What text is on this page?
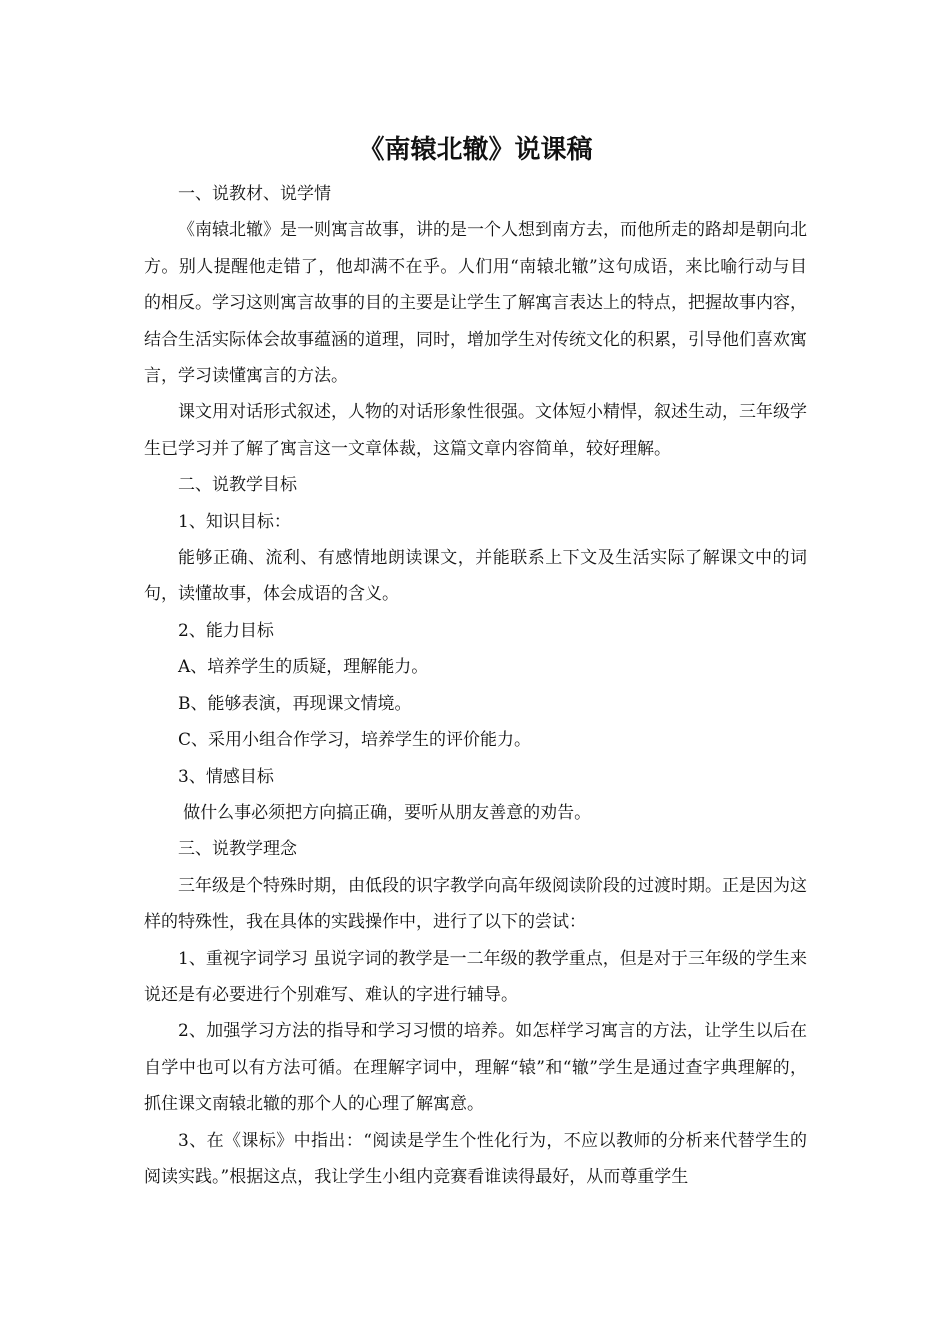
《南辕北辙》说课稿

一、说教材、说学情

《南辕北辙》是一则寓言故事，讲的是一个人想到南方去，而他所走的路却是朝向北方。别人提醒他走错了，他却满不在乎。人们用“南辕北辙”这句成语，来比喻行动与目的相反。学习这则寓言故事的目的主要是让学生了解寓言表达上的特点，把握故事内容，结合生活实际体会故事蕴涵的道理，同时，增加学生对传统文化的积累，引导他们喜欢寓言，学习读懂寓言的方法。

课文用对话形式叙述，人物的对话形象性很强。文体短小精悍，叙述生动，三年级学生已学习并了解了寓言这一文章体裁，这篇文章内容简单，较好理解。

二、说教学目标

1、知识目标：

能够正确、流利、有感情地朗读课文，并能联系上下文及生活实际了解课文中的词句，读懂故事，体会成语的含义。

2、能力目标

A、培养学生的质疑，理解能力。

B、能够表演，再现课文情境。

C、采用小组合作学习，培养学生的评价能力。

3、情感目标

做什么事必须把方向搞正确，要听从朋友善意的劝告。

三、说教学理念

三年级是个特殊时期，由低段的识字教学向高年级阅读阶段的过渡时期。正是因为这样的特殊性，我在具体的实践操作中，进行了以下的尝试：

1、重视字词学习 虽说字词的教学是一二年级的教学重点，但是对于三年级的学生来说还是有必要进行个别难写、难认的字进行辅导。

2、加强学习方法的指导和学习习惯的培养。如怎样学习寓言的方法，让学生以后在自学中也可以有方法可循。在理解字词中，理解“辕”和“辙”学生是通过查字典理解的，抓住课文南辕北辙的那个人的心理了解寓意。

3、在《课标》中指出：“阅读是学生个性化行为，不应以教师的分析来代替学生的阅读实践。”根据这点，我让学生小组内竞赛看谁读得最好，从而尊重学生
